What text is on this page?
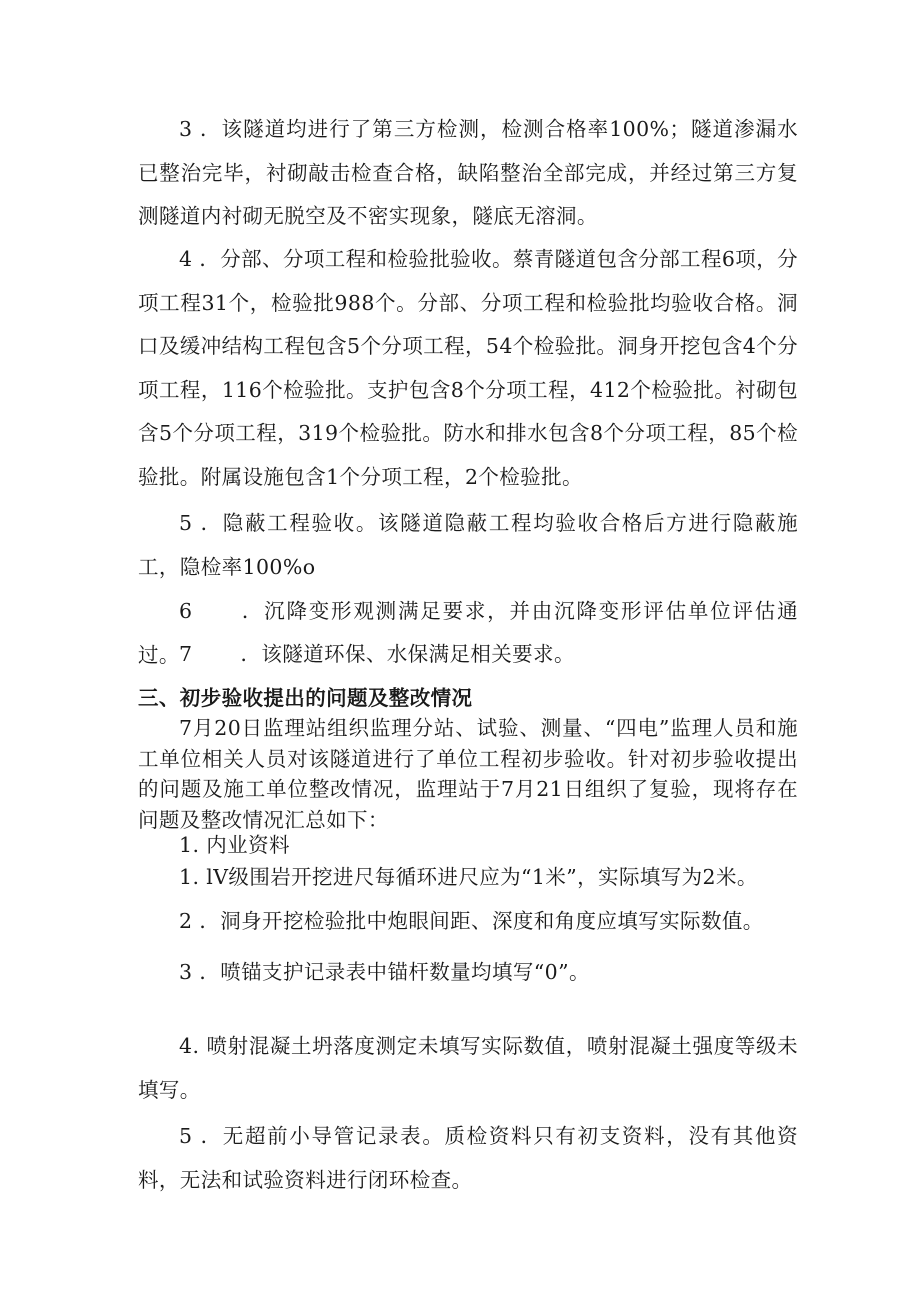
3 ．该隧道均进行了第三方检测，检测合格率100%；隧道渗漏水已整治完毕，衬砌敲击检查合格，缺陷整治全部完成，并经过第三方复测隧道内衬砌无脱空及不密实现象，隧底无溶洞。

4 ．分部、分项工程和检验批验收。蔡青隧道包含分部工程6项，分项工程31个，检验批988个。分部、分项工程和检验批均验收合格。洞口及缓冲结构工程包含5个分项工程，54个检验批。洞身开挖包含4个分项工程，116个检验批。支护包含8个分项工程，412个检验批。衬砌包含5个分项工程，319个检验批。防水和排水包含8个分项工程，85个检验批。附属设施包含1个分项工程，2个检验批。

5 ．隐蔽工程验收。该隧道隐蔽工程均验收合格后方进行隐蔽施工，隐检率100%o

6 ．沉降变形观测满足要求，并由沉降变形评估单位评估通过。 7 ．该隧道环保、水保满足相关要求。

三、初步验收提出的问题及整改情况

7月20日监理站组织监理分站、试验、测量、“四电”监理人员和施工单位相关人员对该隧道进行了单位工程初步验收。针对初步验收提出的问题及施工单位整改情况，监理站于7月21日组织了复验，现将存在问题及整改情况汇总如下：

1. 内业资料

1. lV级围岩开挖进尺每循环进尺应为“1米”，实际填写为2米。

2 ．洞身开挖检验批中炮眼间距、深度和角度应填写实际数值。

3 ．喷锚支护记录表中锚杆数量均填写“0”。

4. 喷射混凝土坍落度测定未填写实际数值，喷射混凝土强度等级未填写。

5 ．无超前小导管记录表。质检资料只有初支资料，没有其他资料，无法和试验资料进行闭环检查。
